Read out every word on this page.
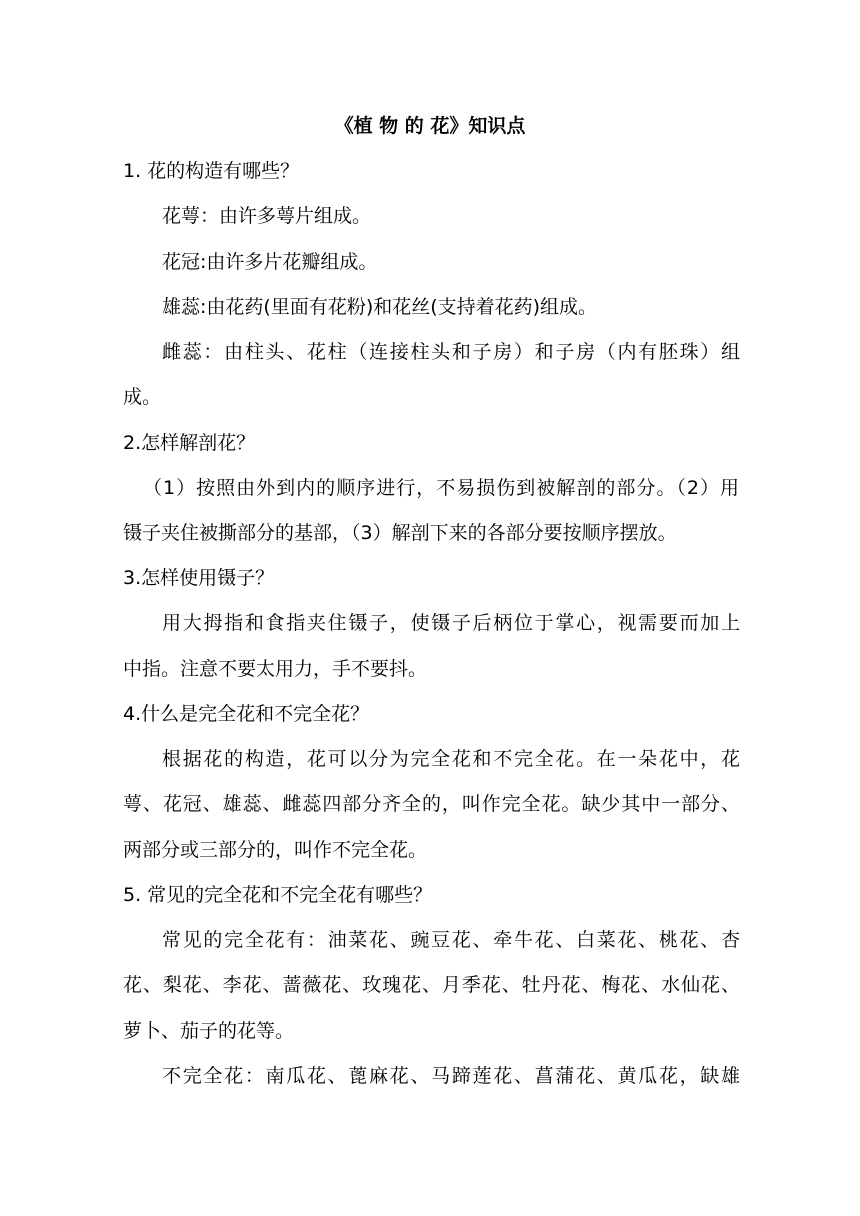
《植 物 的 花》知识点
1. 花的构造有哪些？
花萼：由许多萼片组成。
花冠:由许多片花瓣组成。
雄蕊:由花药(里面有花粉)和花丝(支持着花药)组成。
雌蕊：由柱头、花柱（连接柱头和子房）和子房（内有胚珠）组
成。
2.怎样解剖花？
（1）按照由外到内的顺序进行，不易损伤到被解剖的部分。（2）用
镊子夹住被撕部分的基部，（3）解剖下来的各部分要按顺序摆放。
3.怎样使用镊子？
用大拇指和食指夹住镊子，使镊子后柄位于掌心，视需要而加上
中指。注意不要太用力，手不要抖。
4.什么是完全花和不完全花？
根据花的构造，花可以分为完全花和不完全花。在一朵花中，花
萼、花冠、雄蕊、雌蕊四部分齐全的，叫作完全花。缺少其中一部分、
两部分或三部分的，叫作不完全花。
5. 常见的完全花和不完全花有哪些？
常见的完全花有：油菜花、豌豆花、牵牛花、白菜花、桃花、杏
花、梨花、李花、蔷薇花、玫瑰花、月季花、牡丹花、梅花、水仙花、
萝卜、茄子的花等。
不完全花：南瓜花、蓖麻花、马蹄莲花、菖蒲花、黄瓜花，缺雄
